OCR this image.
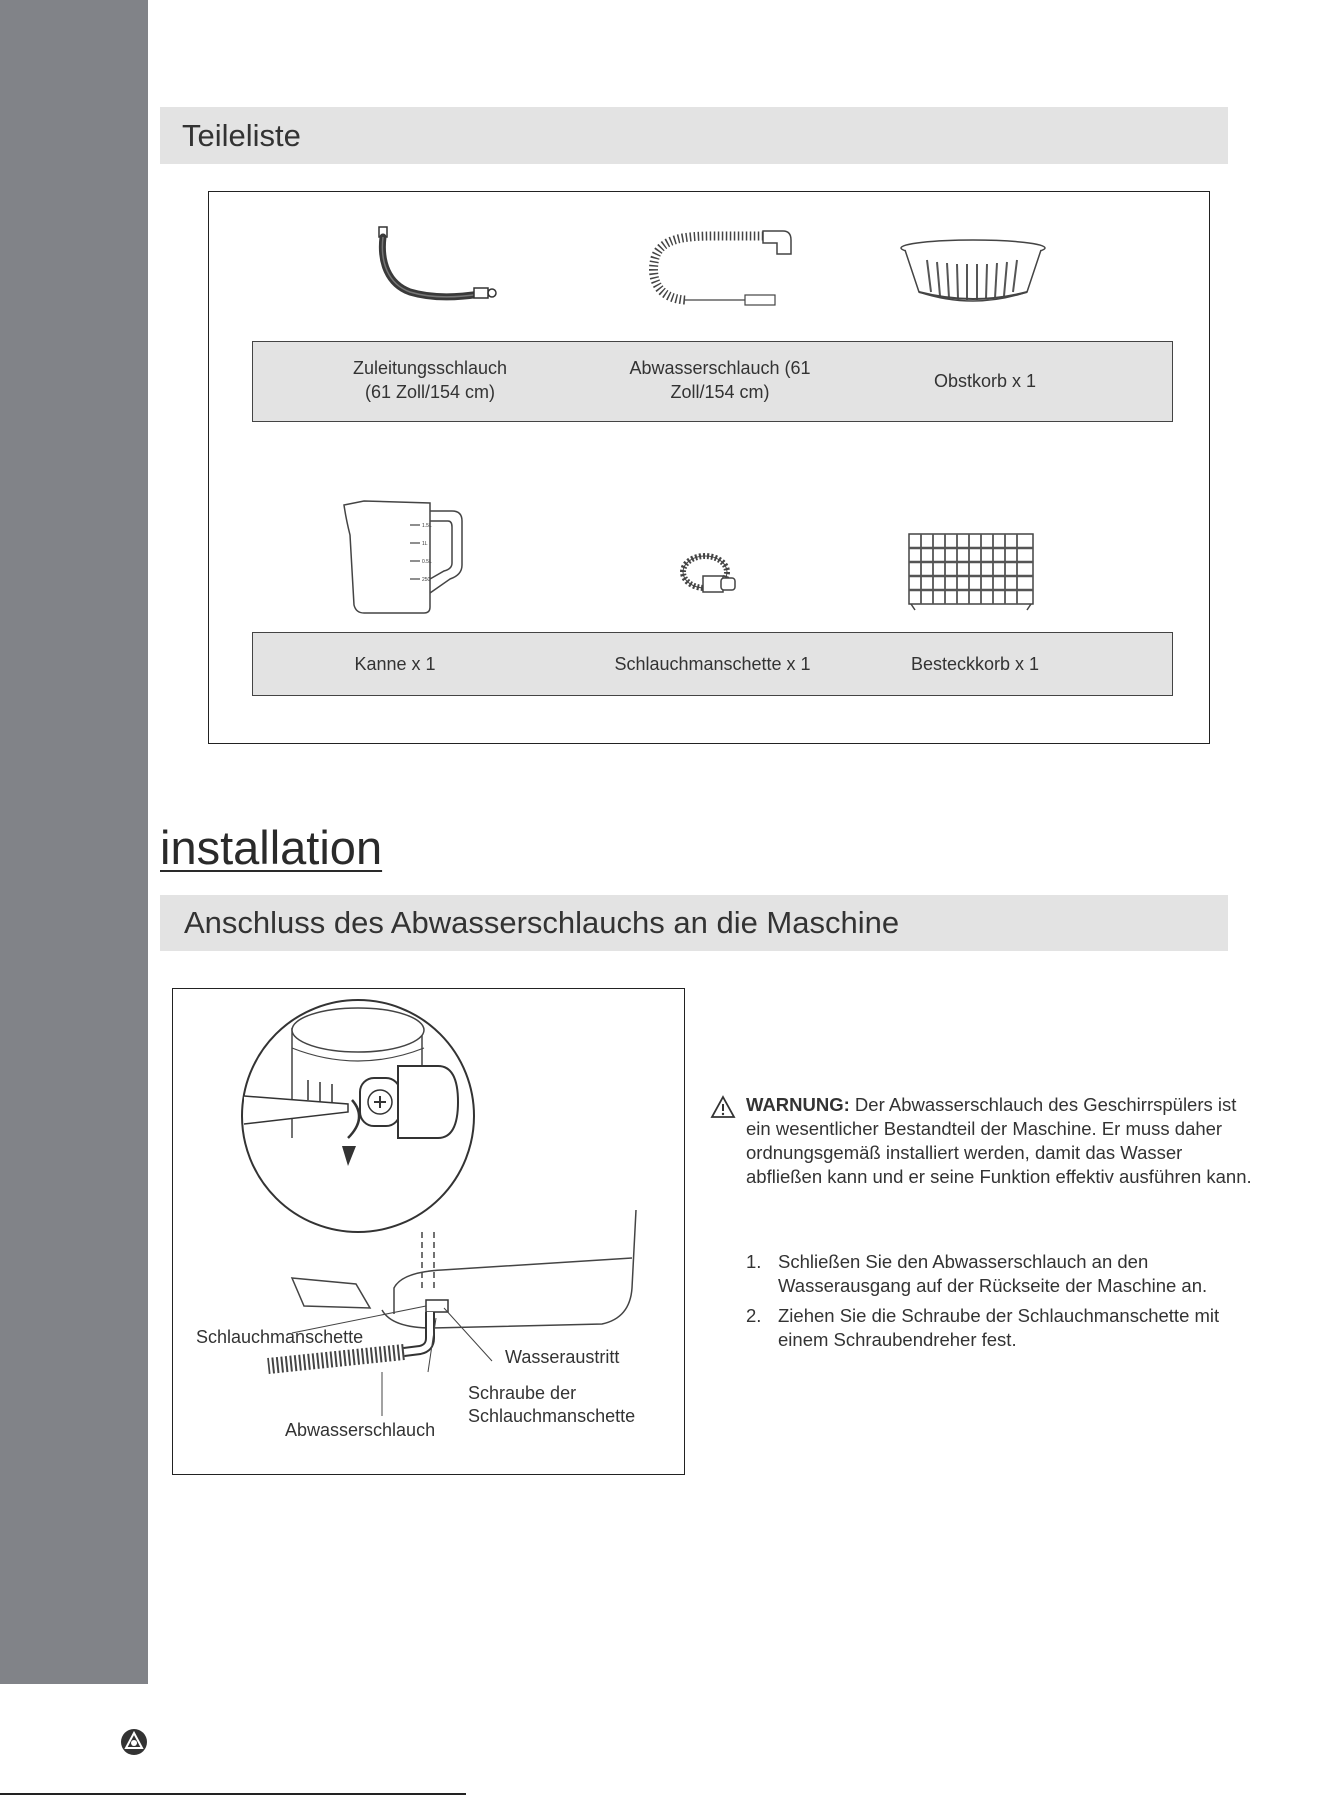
Teileliste
Zuleitungsschlauch
(61 Zoll/154 cm)
Abwasserschlauch (61
Zoll/154 cm)
Obstkorb x 1
1.5L
1L
0.5L
250
Kanne x 1	Schlauchmanschette x 1	Besteckkorb x 1
installation
Anschluss des Abwasserschlauchs an die Maschine
Schlauchmanschette
Wasseraustritt
Schraube der
Schlauchmanschette
Abwasserschlauch

WARNUNG: Der Abwasserschlauch des Geschirrspülers ist ein wesentlicher Bestandteil der Maschine. Er muss daher ordnungsgemäß installiert werden, damit das Wasser abfließen kann und er seine Funktion effektiv ausführen kann.

1. Schließen Sie den Abwasserschlauch an den Wasserausgang auf der Rückseite der Maschine an.
2. Ziehen Sie die Schraube der Schlauchmanschette mit einem Schraubendreher fest.
